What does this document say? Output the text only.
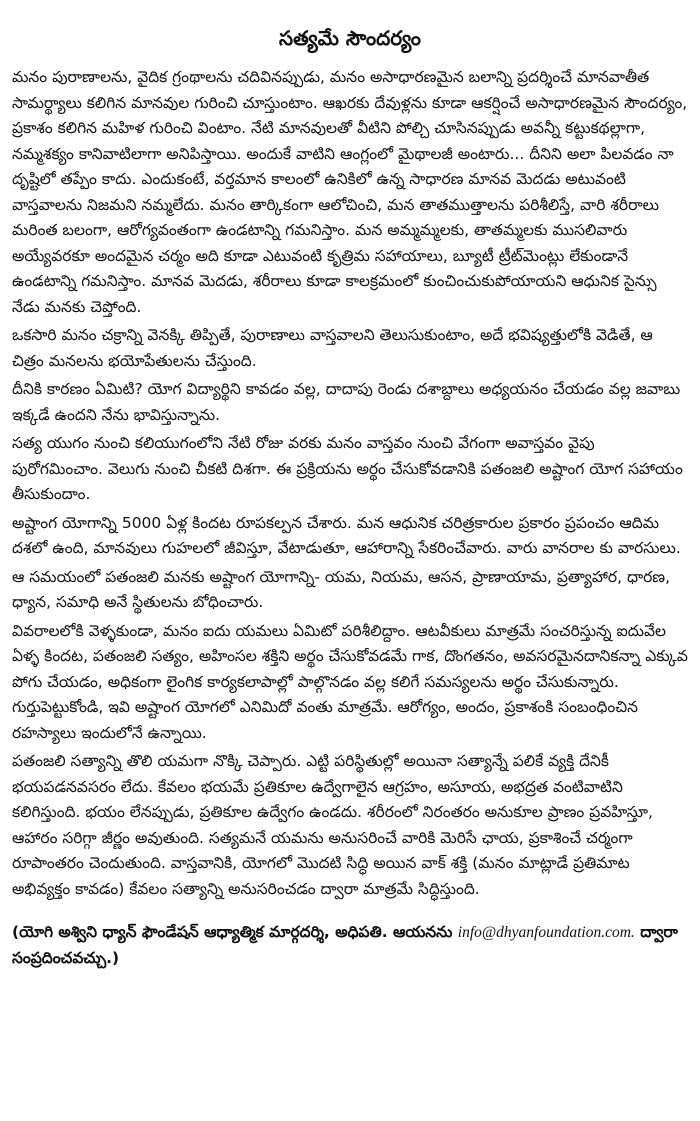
సత్యమే సౌందర్యం

మనం పురాణాలను, వైదిక గ్రంథాలను చదివినప్పుడు, మనం అసాధారణమైన బలాన్ని ప్రదర్శించే మానవాతీత సామర్థ్యాలు కలిగిన మానవుల గురించి చూస్తుంటాం. ఆఖరకు దేవుళ్లను కూడా ఆకర్షించే అసాధారణమైన సౌందర్యం, ప్రకాశం కలిగిన మహిళ గురించి వింటాం. నేటి మానవులతో వీటిని పోల్చి చూసినప్పుడు అవన్నీ కట్టుకథల్లాగా, నమ్మశక్యం కానివాటిలాగా అనిపిస్తాయి. అందుకే వాటిని ఆంగ్లంలో మైథాలజీ అంటారు... దీనిని అలా పిలవడం నా దృష్టిలో తప్పేం కాదు. ఎందుకంటే, వర్తమాన కాలంలో ఉనికిలో ఉన్న సాధారణ మానవ మెదడు అటువంటి వాస్తవాలను నిజమని నమ్మలేదు. మనం తార్కికంగా ఆలోచించి, మన తాతముత్తాలను పరిశీలిస్తే, వారి శరీరాలు మరింత బలంగా, ఆరోగ్యవంతంగా ఉండటాన్ని గమనిస్తాం. మన అమ్మమ్మలకు, తాతమ్మలకు ముసలివారు అయ్యేవరకూ అందమైన చర్మం అది కూడా ఎటువంటి కృత్రిమ సహాయాలు, బ్యూటీ ట్రీట్‌మెంట్లు లేకుండానే ఉండటాన్ని గమనిస్తాం. మానవ మెదడు, శరీరాలు కూడా కాలక్రమంలో కుంచించుకుపోయాయని ఆధునిక సైన్సు నేడు మనకు చెప్తోంది.

ఒకసారి మనం చక్రాన్ని వెనక్కి తిప్పితే, పురాణాలు వాస్తవాలని తెలుసుకుంటాం, అదే భవిష్యత్తులోకి వెడితే, ఆ చిత్రం మనలను భయోపేతులను చేస్తుంది.

దీనికి కారణం ఏమిటి? యోగ విద్యార్థిని కావడం వల్ల, దాదాపు రెండు దశాబ్దాలు అధ్యయనం చేయడం వల్ల జవాబు ఇక్కడే ఉందని నేను భావిస్తున్నాను.

సత్య యుగం నుంచి కలియుగంలోని నేటి రోజు వరకు మనం వాస్తవం నుంచి వేగంగా అవాస్తవం వైపు పురోగమించాం. వెలుగు నుంచి చీకటి దిశగా. ఈ ప్రక్రియను అర్థం చేసుకోవడానికి పతంజలి అష్టాంగ యోగ సహాయం తీసుకుందాం.

అష్టాంగ యోగాన్ని 5000 ఏళ్ల కిందట రూపకల్పన చేశారు. మన ఆధునిక చరిత్రకారుల ప్రకారం ప్రపంచం ఆదిమ దశలో ఉంది, మానవులు గుహలలో జీవిస్తూ, వేటాడుతూ, ఆహారాన్ని సేకరించేవారు. వారు వానరాల కు వారసులు.

ఆ సమయంలో పతంజలి మనకు అష్టాంగ యోగాన్ని- యమ, నియమ, ఆసన, ప్రాణాయామ, ప్రత్యాహార, ధారణ, ధ్యాన, సమాధి అనే స్థితులను బోధించారు.

వివరాలలోకి వెళ్ళకుండా, మనం ఐదు యమలు ఏమిటో పరిశీలిద్దాం. ఆటవీకులు మాత్రమే సంచరిస్తున్న ఐదువేల ఏళ్ళ కిందట, పతంజలి సత్యం, అహింసల శక్తిని అర్థం చేసుకోవడమే గాక, దొంగతనం, అవసరమైనదానికన్నా ఎక్కువ పోగు చేయడం, అధికంగా లైంగిక కార్యకలాపాల్లో పాల్గొనడం వల్ల కలిగే సమస్యలను అర్థం చేసుకున్నారు. గుర్తుపెట్టుకోండి, ఇవి అష్టాంగ యోగలో ఎనిమిదో వంతు మాత్రమే. ఆరోగ్యం, అందం, ప్రకాశంకి సంబంధించిన రహస్యాలు ఇందులోనే ఉన్నాయి.

పతంజలి సత్యాన్ని తొలి యమగా నొక్కి చెప్పారు. ఎట్టి పరిస్థితుల్లో అయినా సత్యాన్నే పలికే వ్యక్తి దేనికీ భయపడనవసరం లేదు. కేవలం భయమే ప్రతికూల ఉద్వేగాలైన ఆగ్రహం, అసూయ, అభద్రత వంటివాటిని కలిగిస్తుంది. భయం లేనప్పుడు, ప్రతికూల ఉద్వేగం ఉండదు. శరీరంలో నిరంతరం అనుకూల ప్రాణం ప్రవహిస్తూ, ఆహారం సరిగ్గా జీర్ణం అవుతుంది. సత్యమనే యమను అనుసరించే వారికి మెరిసే ఛాయ, ప్రకాశించే చర్మంగా రూపాంతరం చెందుతుంది. వాస్తవానికి, యోగలో మొదటి సిద్ధి అయిన వాక్ శక్తి (మనం మాట్లాడే ప్రతిమాట అభివ్యక్తం కావడం) కేవలం సత్యాన్ని అనుసరించడం ద్వారా మాత్రమే సిద్ధిస్తుంది.

(యోగి అశ్విని ధ్యాన్ ఫౌండేషన్ ఆధ్యాత్మిక మార్గదర్శి, అధిపతి. ఆయనను info@dhyanfoundation.com. ద్వారా సంప్రదించవచ్చు.)
